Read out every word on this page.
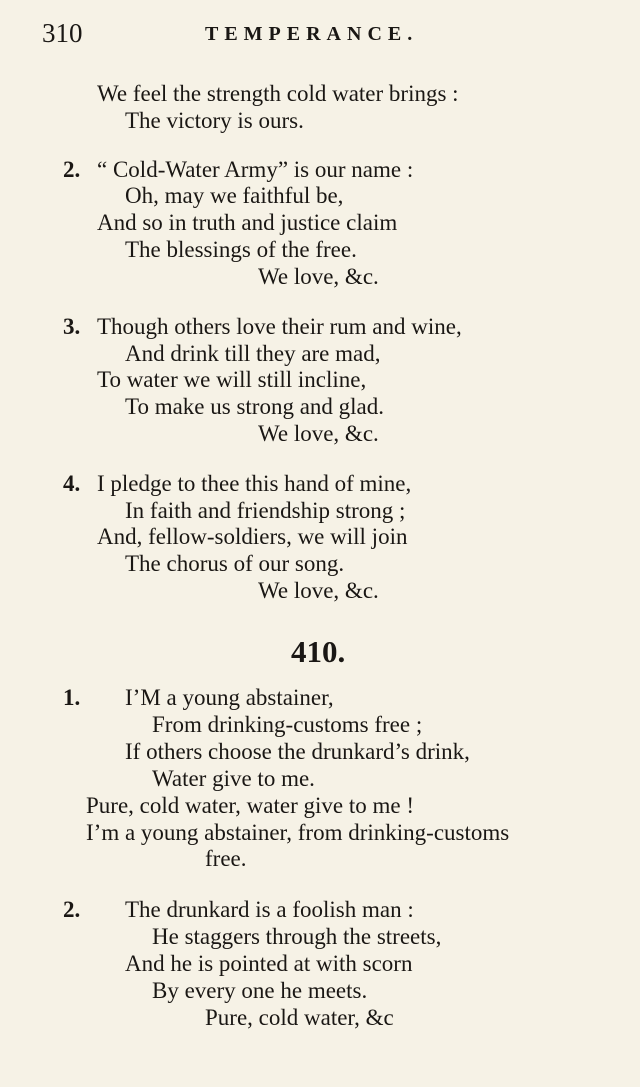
310	TEMPERANCE.
We feel the strength cold water brings :
The victory is ours.
2. “ Cold-Water Army” is our name :
Oh, may we faithful be,
And so in truth and justice claim
The blessings of the free.
We love, &c.
3. Though others love their rum and wine,
And drink till they are mad,
To water we will still incline,
To make us strong and glad.
We love, &c.
4. I pledge to thee this hand of mine,
In faith and friendship strong ;
And, fellow-soldiers, we will join
The chorus of our song.
We love, &c.
410.
1. I’M a young abstainer,
From drinking-customs free ;
If others choose the drunkard’s drink,
Water give to me.
Pure, cold water, water give to me !
I’m a young abstainer, from drinking-customs
free.
2. The drunkard is a foolish man :
He staggers through the streets,
And he is pointed at with scorn
By every one he meets.
Pure, cold water, &c
